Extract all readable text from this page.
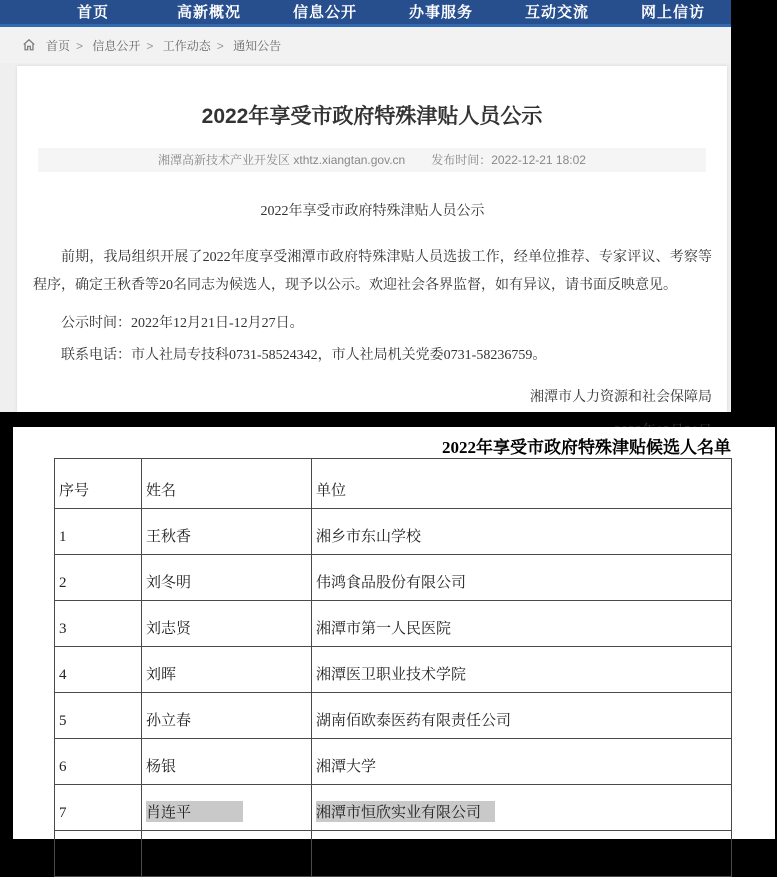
首页	高新概况	信息公开	办事服务	互动交流	网上信访
首页 > 信息公开 > 工作动态 > 通知公告
2022年享受市政府特殊津贴人员公示
湘潭高新技术产业开发区 xthtz.xiangtan.gov.cn 发布时间：2022-12-21 18:02
2022年享受市政府特殊津贴人员公示

前期，我局组织开展了2022年度享受湘潭市政府特殊津贴人员选拔工作，经单位推荐、专家评议、考察等程序，确定王秋香等20名同志为候选人，现予以公示。欢迎社会各界监督，如有异议，请书面反映意见。

公示时间：2022年12月21日-12月27日。
联系电话：市人社局专技科0731-58524342，市人社局机关党委0731-58236759。
湘潭市人力资源和社会保障局
2022年享受市政府特殊津贴候选人名单
序号	姓名	单位
1	王秋香	湘乡市东山学校
2	刘冬明	伟鸿食品股份有限公司
3	刘志贤	湘潭市第一人民医院
4	刘晖	湘潭医卫职业技术学院
5	孙立春	湖南佰欧泰医药有限责任公司
6	杨银	湘潭大学
7	肖连平	湘潭市恒欣实业有限公司
